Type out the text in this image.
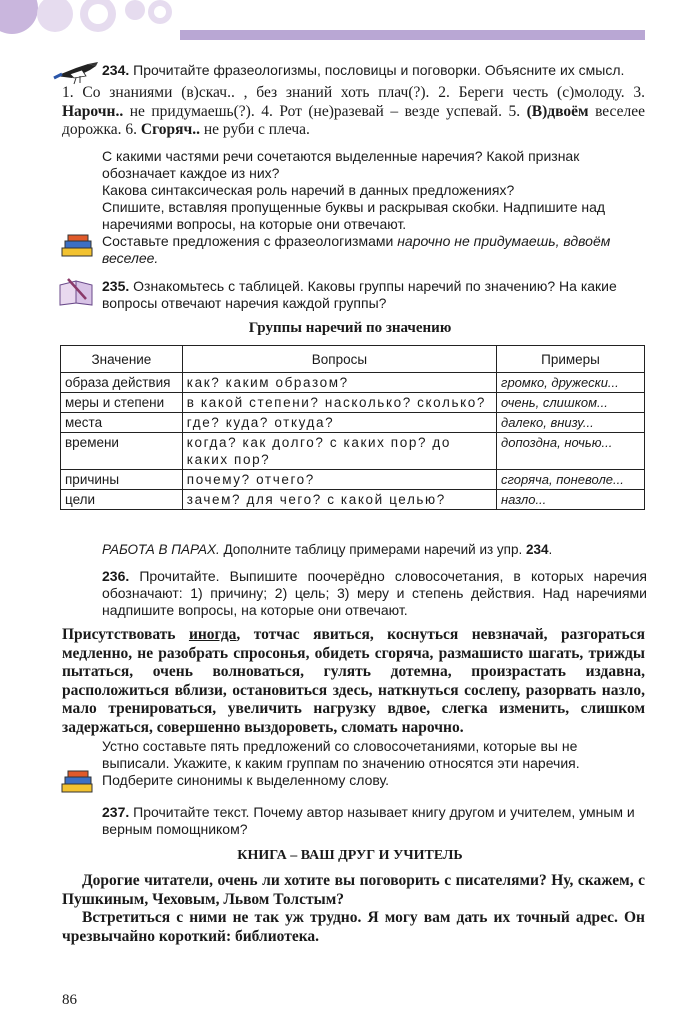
234. Прочитайте фразеологизмы, пословицы и поговорки. Объясните их смысл.
1. Со знаниями (в)скач.. , без знаний хоть плач(?). 2. Береги честь (с)молоду. 3. Нарочн.. не придумаешь(?). 4. Рот (не)разевай – везде успевай. 5. (В)двоём веселее дорожка. 6. Сгоряч.. не руби с плеча.
С какими частями речи сочетаются выделенные наречия? Какой признак обозначает каждое из них?
Какова синтаксическая роль наречий в данных предложениях?
Спишите, вставляя пропущенные буквы и раскрывая скобки. Надпишите над наречиями вопросы, на которые они отвечают.
Составьте предложения с фразеологизмами нарочно не придумаешь, вдвоём веселее.
235. Ознакомьтесь с таблицей. Каковы группы наречий по значению? На какие вопросы отвечают наречия каждой группы?
Группы наречий по значению
Значение	Вопросы	Примеры
образа действия	как? каким образом?	громко, дружески...
меры и степени	в какой степени? насколько? сколько?	очень, слишком...
места	где? куда? откуда?	далеко, внизу...
времени	когда? как долго? с каких пор? до каких пор?	допоздна, ночью...
причины	почему? отчего?	сгоряча, поневоле...
цели	зачем? для чего? с какой целью?	назло...
РАБОТА В ПАРАХ. Дополните таблицу примерами наречий из упр. 234.
236. Прочитайте. Выпишите поочерёдно словосочетания, в которых наречия обозначают: 1) причину; 2) цель; 3) меру и степень действия. Над наречиями надпишите вопросы, на которые они отвечают.
Присутствовать иногда, тотчас явиться, коснуться невзначай, разгораться медленно, не разобрать спросонья, обидеть сгоряча, размашисто шагать, трижды пытаться, очень волноваться, гулять дотемна, произрастать издавна, расположиться вблизи, остановиться здесь, наткнуться сослепу, разорвать назло, мало тренироваться, увеличить нагрузку вдвое, слегка изменить, слишком задержаться, совершенно выздороветь, сломать нарочно.
Устно составьте пять предложений со словосочетаниями, которые вы не выписали. Укажите, к каким группам по значению относятся эти наречия.
Подберите синонимы к выделенному слову.
237. Прочитайте текст. Почему автор называет книгу другом и учителем, умным и верным помощником?
КНИГА – ВАШ ДРУГ И УЧИТЕЛЬ
Дорогие читатели, очень ли хотите вы поговорить с писателями? Ну, скажем, с Пушкиным, Чеховым, Львом Толстым?
Встретиться с ними не так уж трудно. Я могу вам дать их точный адрес. Он чрезвычайно короткий: библиотека.
86
